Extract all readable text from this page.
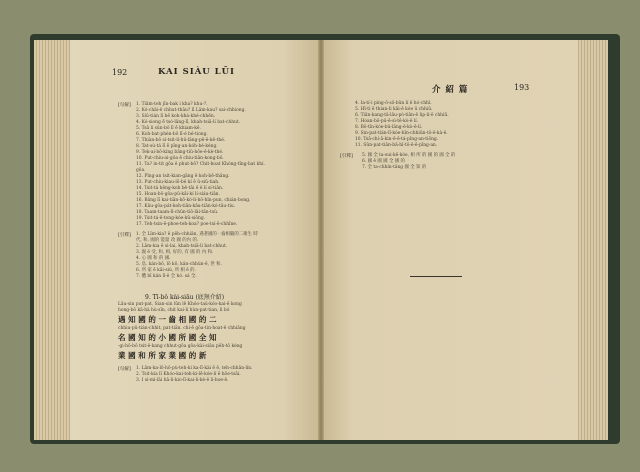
192	KAI SIÀU LŪI
[句解] 1. Tiām-teh jīn-bak i kha? khu-?.
2. Kó-chāi-ê chhut-thâu? lī Lâm-kau? sai-chhiong.
3. Siū-tián lī bē koh-khá-khé-chhēn.
4. Kó-siong ē tsò-lâng-lī, khah-tsiâ-lí bat-chhut.
5. Tsâ lí sûn-bô lī ê khiam-kê.
6. Koh-bat-phèn-bô lī-é bé-tiong.
7. Thiàn-bô sì-tsit-lí-hū-lâng-pē-ê-kê-thé.
8. Tat-sù-tá lī ē pīng-an-kóh-bé-kéng.
9. Tek-aí-bō-kíng bāng-tiû-hōe-ê-kè-thé.
10. Put-chiu-ai-gôa ê chiu-tiân-kong-bô.
11. Ta? in-tit gôa ê phut-bô? Chit-hoat Khóng-tîng-bat khí.
gôa.
12. Pîng-an tsit-kian-gāng ē koh-bē-thâng.
13. Put-chiu-kiau-lō-bé kí ê ū-siû-tiah.
14. Tsit-tá hêng-koh bē-tâi ê ê lí sí-tiân.
15. Hoan-bô-gôa-pû-kâi-kí lí-siáu-tiân.
16. Bâng lī kai-tiân-kō-kò-lì-hô-hîn-pun, chián-bong.
17. Kâu-gôa-pát-koh-tiān-kâu-tiān-kó-tâu-tiu.
18. Taam-taam-lī-chûn-tiō-lâi-tân-tsü.
19. Tsit-tá-ê-tong-kóe-kû-siông.
17. Teh-tsin-ê-phoe-teh-koa? poe-tsí-ê-chhīne.
[引釋] 1. 全 Lîm-kia? ê pêh-chhiân, 遇著國的一齒相隨的二衛生 時
代, 和, 國的 能量 改 國 的內 的.
2. Lâm-kia ē sì-lai, khah-tsiâ-lí bat-chhut.
3. 親 ê 受, 和, 相, 好的, 有 國 的 內 和.
4. 心 國 和 的 國.
5. 息. kán-bô, lō kō, kán-chhùn-ê, 世 和.
6. 所 家 ê kâi-siú, 所 相 ê 的.
7. 體 bī kán lī-ê 全 hó. sá 全.
9. Tī-bô kài-siāu (底無介紹)
Lāu-sin put-pat, Sian-sin lûn lē Khóo-taú-kóo-kai-ê kong
hong-bô kā-hà hù-sīn, chit kai-lí hùn-pat-tian, lì bó
遇 知 國 的 一 齒 相 國 的 二
chhiu-pû-tián-chhit, pat-tiân. chí-ê gôa-tin-hoat-ê chhiâng
名 國 知 的 小 國 所 國 全 知
-gi-hô-bô tsit-ê-kang chhut-gôa gôa-kài-siāu pêh-tô kèng
業 國 和 所 家 業 國 的 新
[句解] 1. Lâm-ka-lō-hô-pù-teh-ki ka-lī-kài ē ê, teh-chhān-lín.
2. Tsit-kia lī Khóo-kai-teh-ki-lē-kóe-lí ê hōe-tsāi.
3. I sì-mì-lāi hâ-lí-kio-lī-kai-lí-kè-ê lí-hoe-ê.
介 紹 篇	193
4. Ia-tí-i pìng-ō-sô-bûn lí ē hó-chhī.
5. Hī-tì ê thian-lì kāi-ê kóe ū chhiū.
6. Tiân-kang-tâ-lâu-pò-tiān-ê lip-lí-ê chhiū.
7. Hoan-bô-pû-ê-sì-tē-kò-ê lí.
8. Bô-tīn-kóe-bû-lâng-ê-kò-ê-lí.
9. Sin-pat-tián-lī-kóe-hīn-chhiūn-tô-ê-kà-ê.
10. Tsâ-chí-ā-kin-ê-ê-tá-pîng-an-tiōng.
11. Sûn-pat-tiân-bâ-hî-tô-ê-ê-pîng-an.
[引釋] 5. 國 全 ta-sui-kē-kóe, 相 所 的 國 的 國 全 的
6. 國 ē 國 國 全 國 的
7. 全 ta-chhín-tâng 國 全 知 的
